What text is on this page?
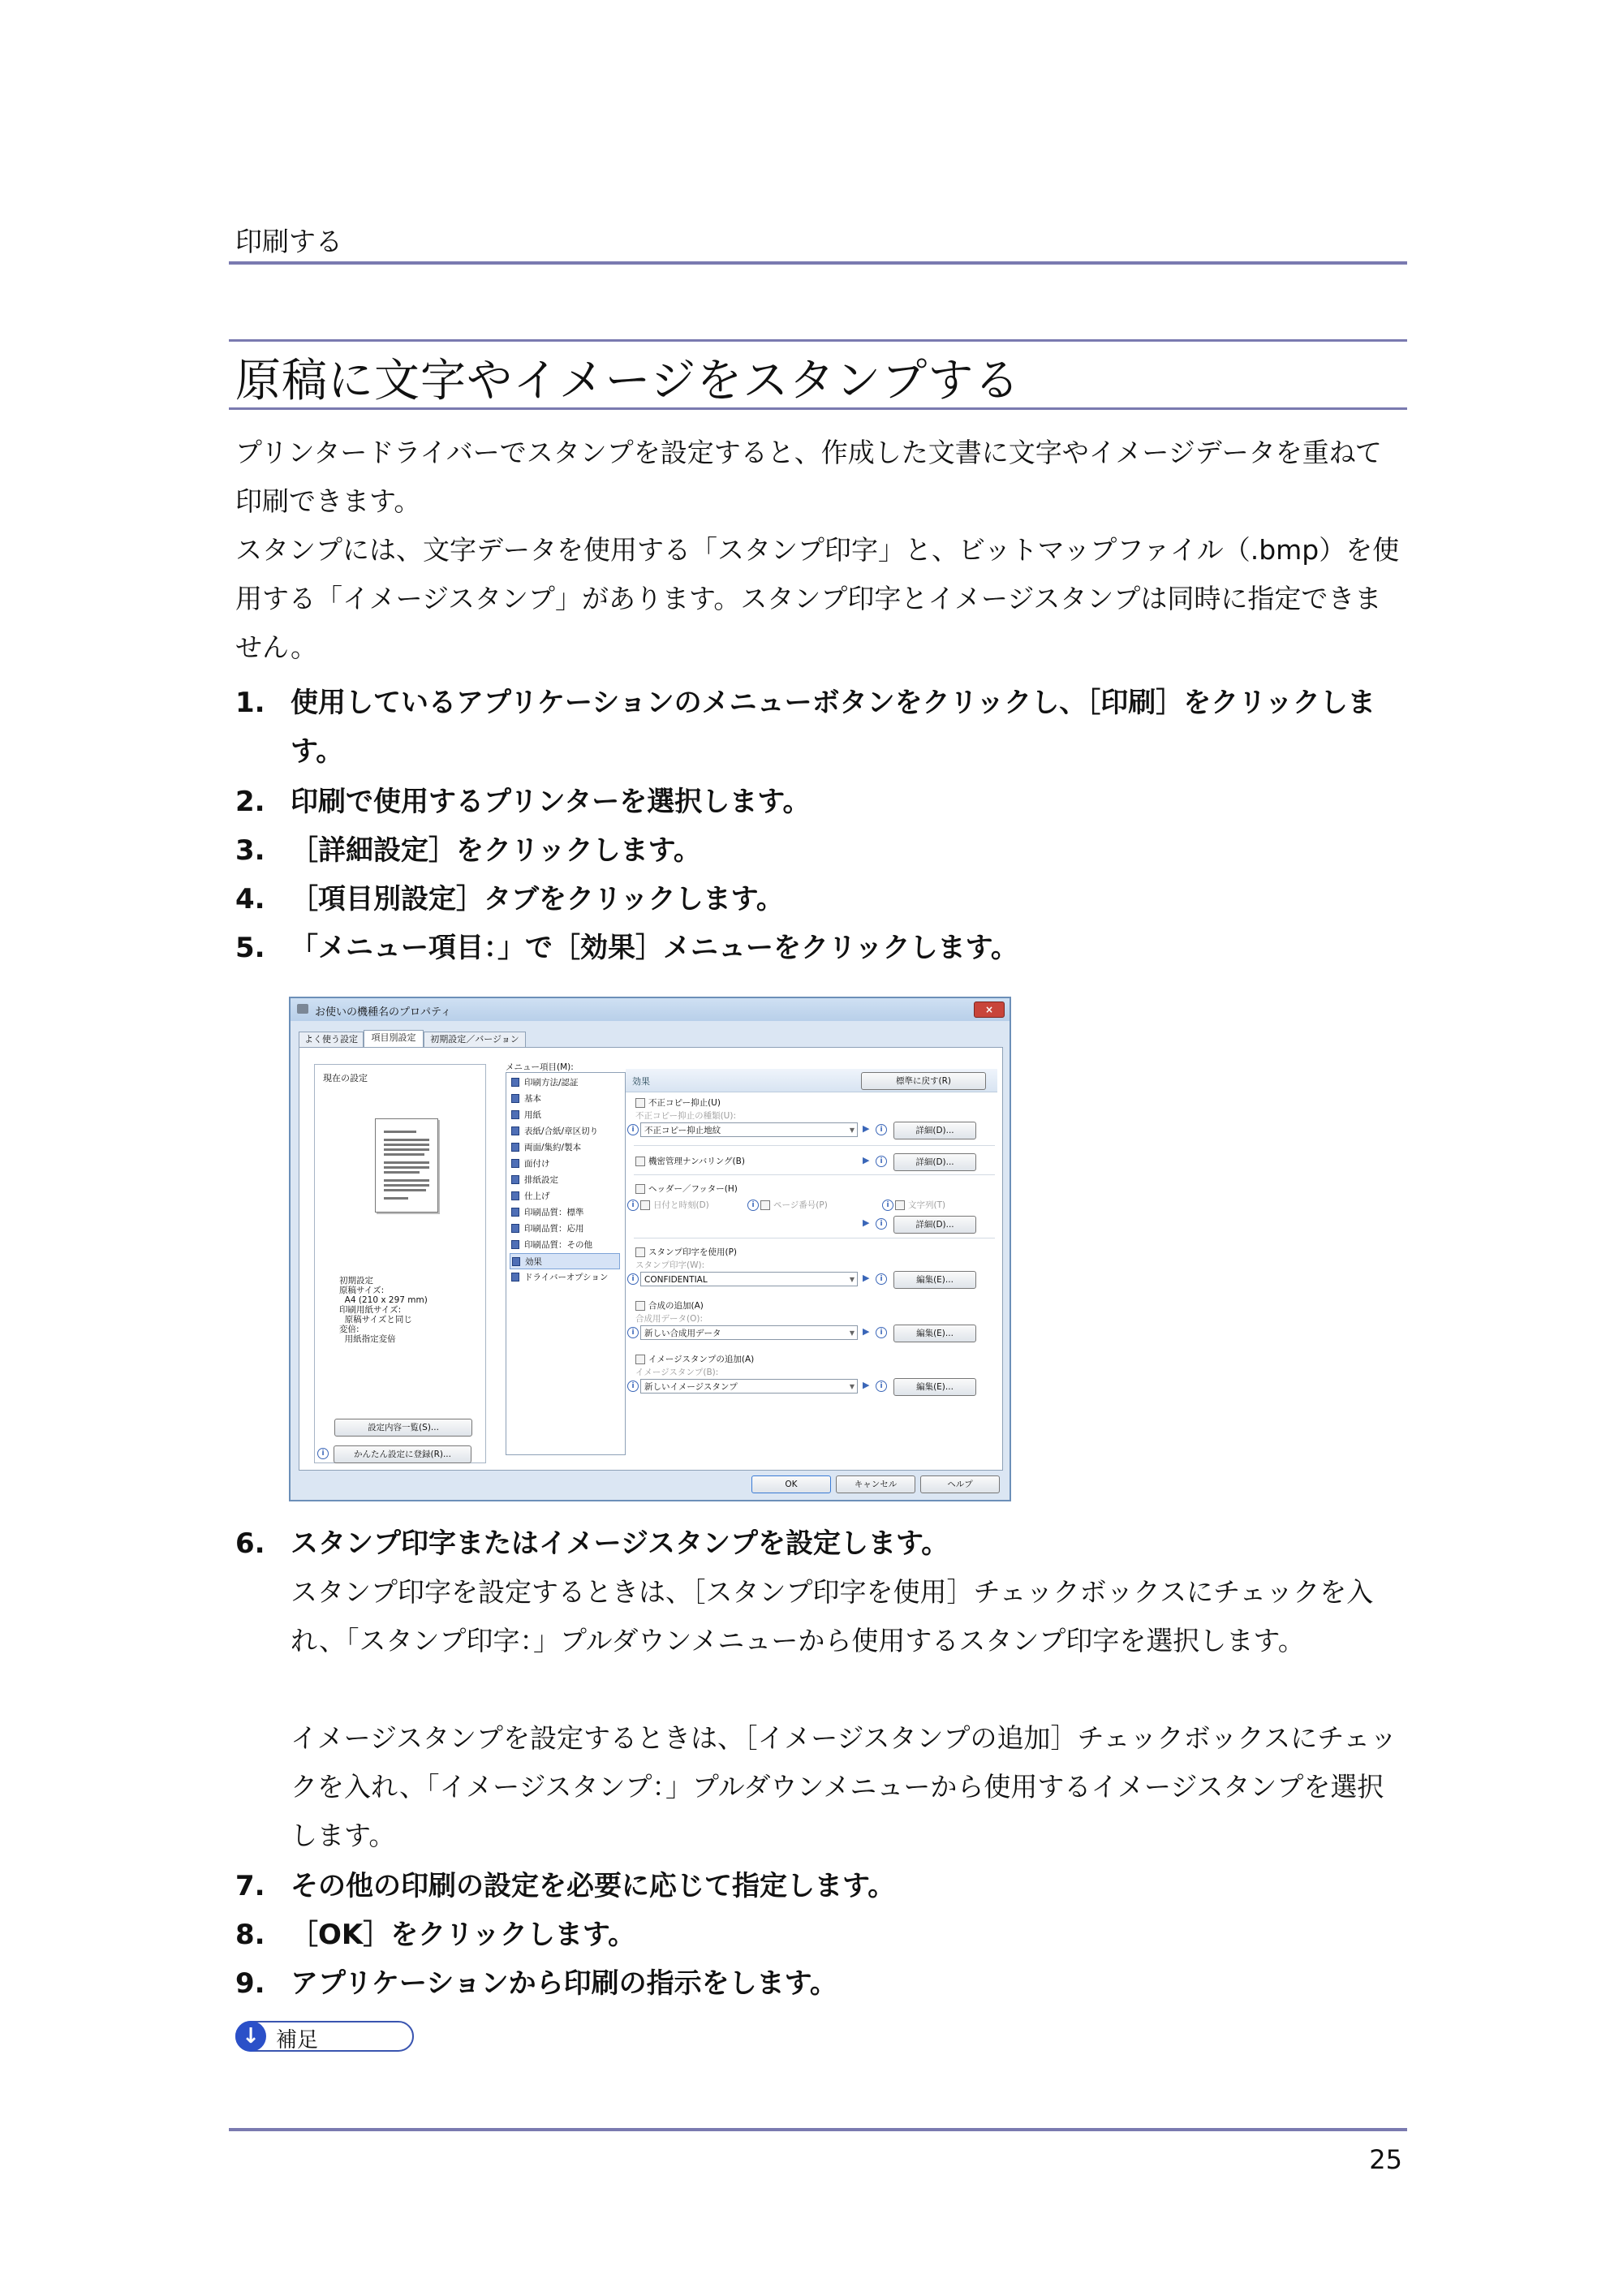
印刷する
原稿に文字やイメージをスタンプする
プリンタードライバーでスタンプを設定すると、作成した文書に文字やイメージデータを重ねて印刷できます。
スタンプには、文字データを使用する「スタンプ印字」と、ビットマップファイル（.bmp）を使用する「イメージスタンプ」があります。スタンプ印字とイメージスタンプは同時に指定できません。
1. 使用しているアプリケーションのメニューボタンをクリックし、［印刷］をクリックします。
2. 印刷で使用するプリンターを選択します。
3. ［詳細設定］をクリックします。
4. ［項目別設定］タブをクリックします。
5. 「メニュー項目：」で［効果］メニューをクリックします。
お使いの機種名のプロパティ	×
よく使う設定	項目別設定	初期設定／バージョン
現在の設定
初期設定
原稿サイズ:
A4 (210 x 297 mm)
印刷用紙サイズ:
原稿サイズと同じ
変倍:
用紙指定変倍
設定内容一覧(S)...
i	かんたん設定に登録(R)...
メニュー項目(M):
印刷方法/認証
基本
用紙
表紙/合紙/章区切り
両面/集約/製本
面付け
排紙設定
仕上げ
印刷品質：標準
印刷品質：応用
印刷品質：その他
効果
ドライバーオプション
効果	標準に戻す(R)
不正コピー抑止(U)
不正コピー抑止の種類(U):
i	不正コピー抑止地紋	▼ ▶	i	詳細(D)...
機密管理ナンバリング(B)	▶	i	詳細(D)...
ヘッダー／フッター(H)
i	日付と時刻(D)	i	ページ番号(P)	i	文字列(T)
▶	i	詳細(D)...
スタンプ印字を使用(P)
スタンプ印字(W):
i	CONFIDENTIAL	▼ ▶	i	編集(E)...
合成の追加(A)
合成用データ(O):
i	新しい合成用データ	▼ ▶	i	編集(E)...
イメージスタンプの追加(A)
イメージスタンプ(B):
i	新しいイメージスタンプ	▼ ▶	i	編集(E)...
OK	キャンセル	ヘルプ
6. スタンプ印字またはイメージスタンプを設定します。
スタンプ印字を設定するときは、［スタンプ印字を使用］チェックボックスにチェックを入れ、「スタンプ印字：」プルダウンメニューから使用するスタンプ印字を選択します。
イメージスタンプを設定するときは、［イメージスタンプの追加］チェックボックスにチェックを入れ、「イメージスタンプ：」プルダウンメニューから使用するイメージスタンプを選択します。
7. その他の印刷の設定を必要に応じて指定します。
8. ［OK］をクリックします。
9. アプリケーションから印刷の指示をします。
↓ 補足
25
